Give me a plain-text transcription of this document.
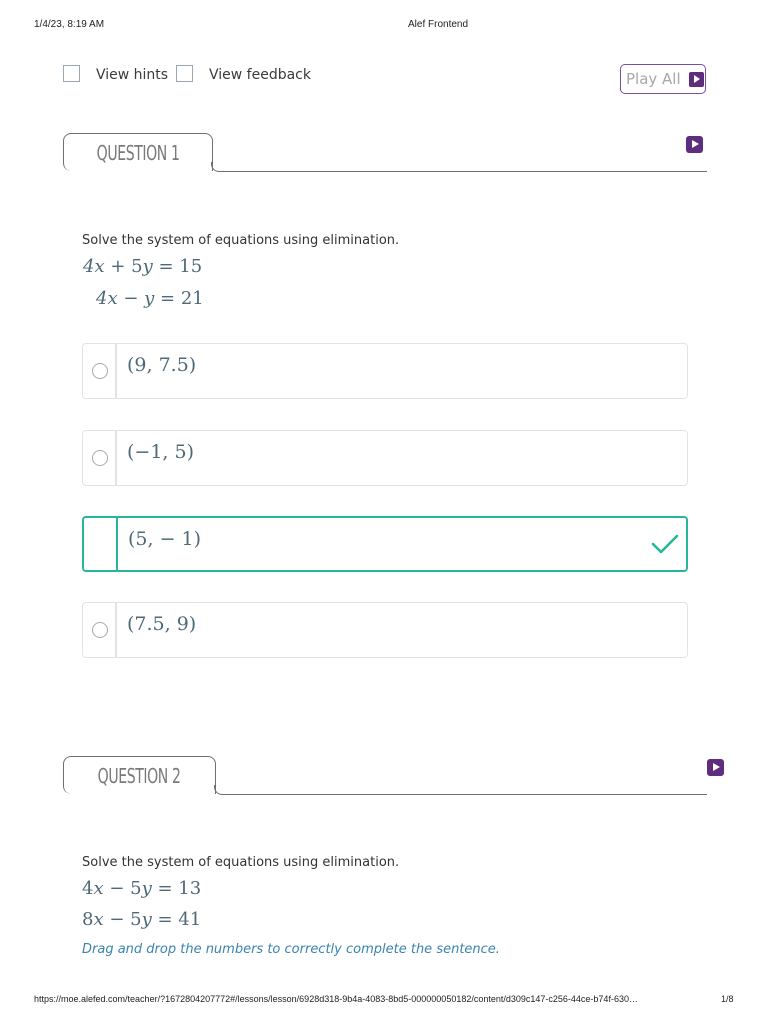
1/4/23, 8:19 AM	Alef Frontend
View hints	View feedback	Play All
QUESTION 1

Solve the system of equations using elimination.
4x + 5y = 15
4x − y = 21
(9, 7.5)
(−1, 5)
(5, − 1)
(7.5, 9)
QUESTION 2
Solve the system of equations using elimination.
4x − 5y = 13
8x − 5y = 41
Drag and drop the numbers to correctly complete the sentence.
https://moe.alefed.com/teacher/?1672804207772#/lessons/lesson/6928d318-9b4a-4083-8bd5-000000050182/content/d309c147-c256-44ce-b74f-630…	1/8
